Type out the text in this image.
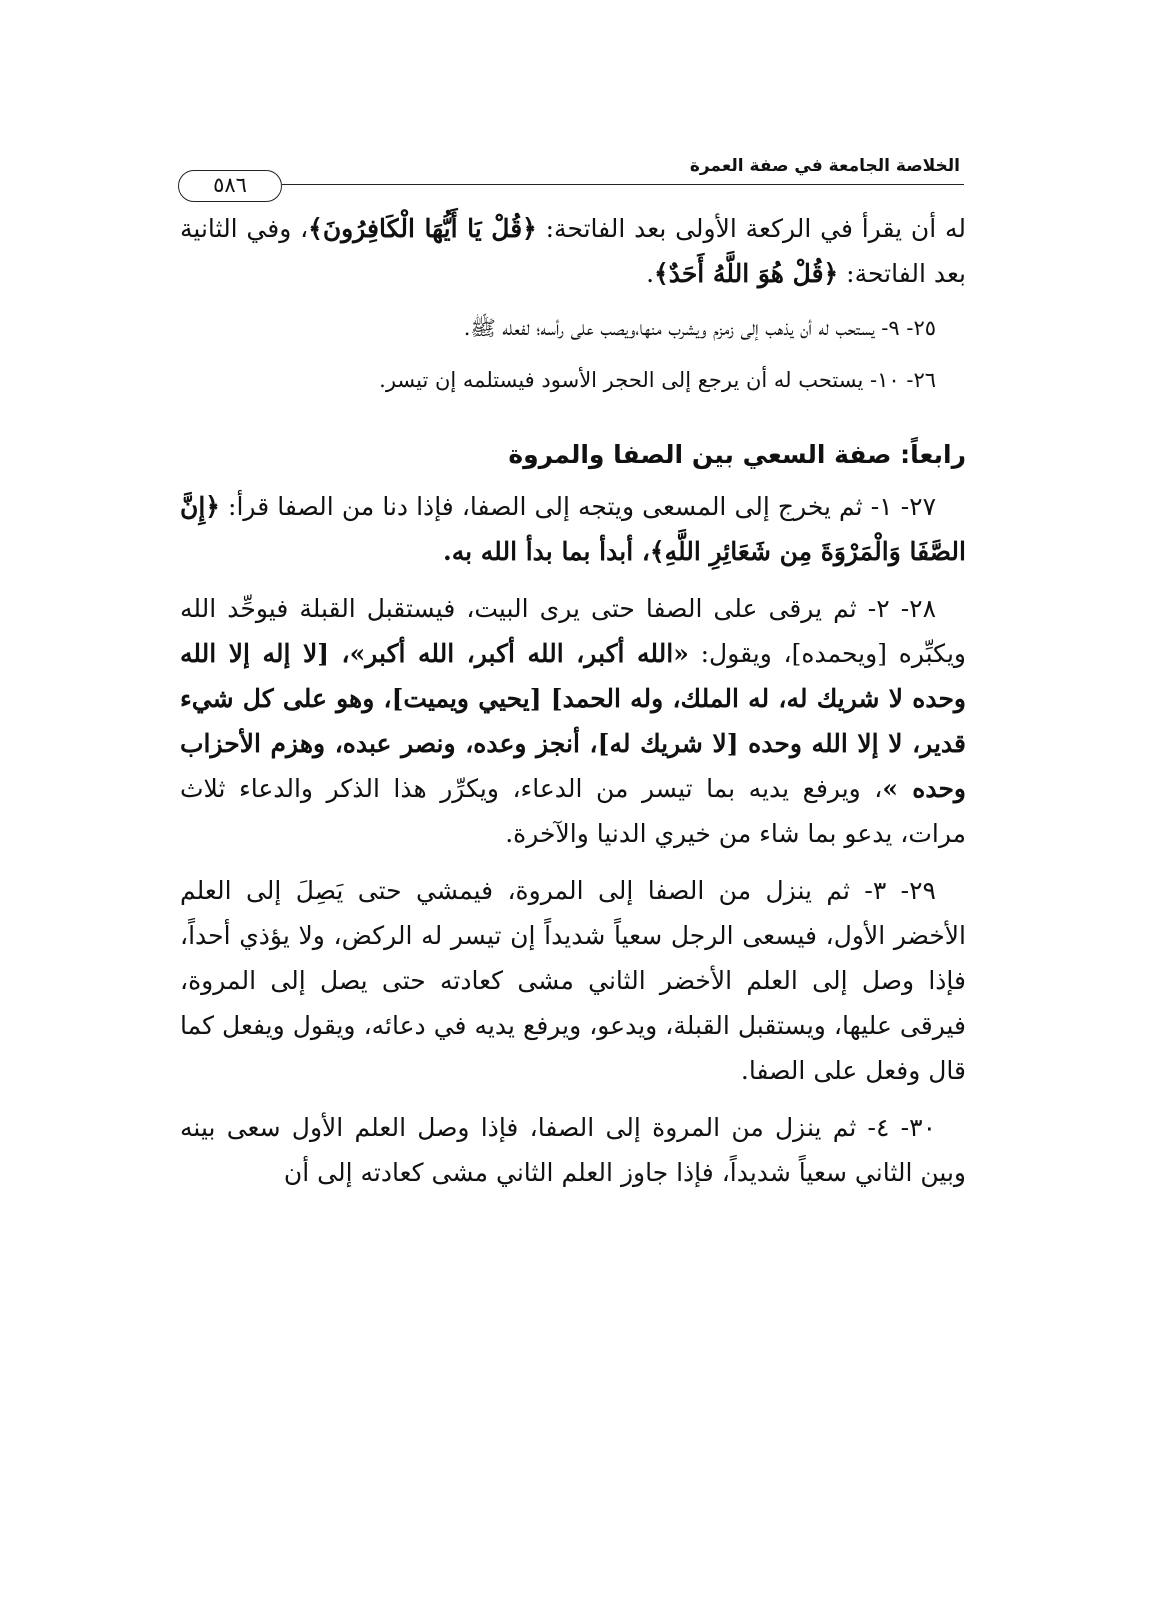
الخلاصة الجامعة في صفة العمرة
٥٨٦

له أن يقرأ في الركعة الأولى بعد الفاتحة: ﴿قُلْ يَا أَيُّهَا الْكَافِرُونَ﴾، وفي الثانية بعد الفاتحة: ﴿قُلْ هُوَ اللَّهُ أَحَدٌ﴾.

٢٥- ٩- يستحب له أن يذهب إلى زمزم ويشرب منها،ويصب على رأسه؛ لفعله ﷺ.

٢٦- ١٠- يستحب له أن يرجع إلى الحجر الأسود فيستلمه إن تيسر.

رابعاً: صفة السعي بين الصفا والمروة

٢٧- ١- ثم يخرج إلى المسعى ويتجه إلى الصفا، فإذا دنا من الصفا قرأ: ﴿إِنَّ الصَّفَا وَالْمَرْوَةَ مِن شَعَائِرِ اللَّهِ﴾، أبدأ بما بدأ الله به.

٢٨- ٢- ثم يرقى على الصفا حتى يرى البيت، فيستقبل القبلة فيوحِّد الله ويكبِّره [ويحمده]، ويقول: «الله أكبر، الله أكبر، الله أكبر»، [لا إله إلا الله وحده لا شريك له، له الملك، وله الحمد] [يحيي ويميت]، وهو على كل شيء قدير، لا إلا الله وحده [لا شريك له]، أنجز وعده، ونصر عبده، وهزم الأحزاب وحده »، ويرفع يديه بما تيسر من الدعاء، ويكرِّر هذا الذكر والدعاء ثلاث مرات، يدعو بما شاء من خيري الدنيا والآخرة.

٢٩- ٣- ثم ينزل من الصفا إلى المروة، فيمشي حتى يَصِلَ إلى العلم الأخضر الأول، فيسعى الرجل سعياً شديداً إن تيسر له الركض، ولا يؤذي أحداً، فإذا وصل إلى العلم الأخضر الثاني مشى كعادته حتى يصل إلى المروة، فيرقى عليها، ويستقبل القبلة، ويدعو، ويرفع يديه في دعائه، ويقول ويفعل كما قال وفعل على الصفا.

٣٠- ٤- ثم ينزل من المروة إلى الصفا، فإذا وصل العلم الأول سعى بينه وبين الثاني سعياً شديداً، فإذا جاوز العلم الثاني مشى كعادته إلى أن
